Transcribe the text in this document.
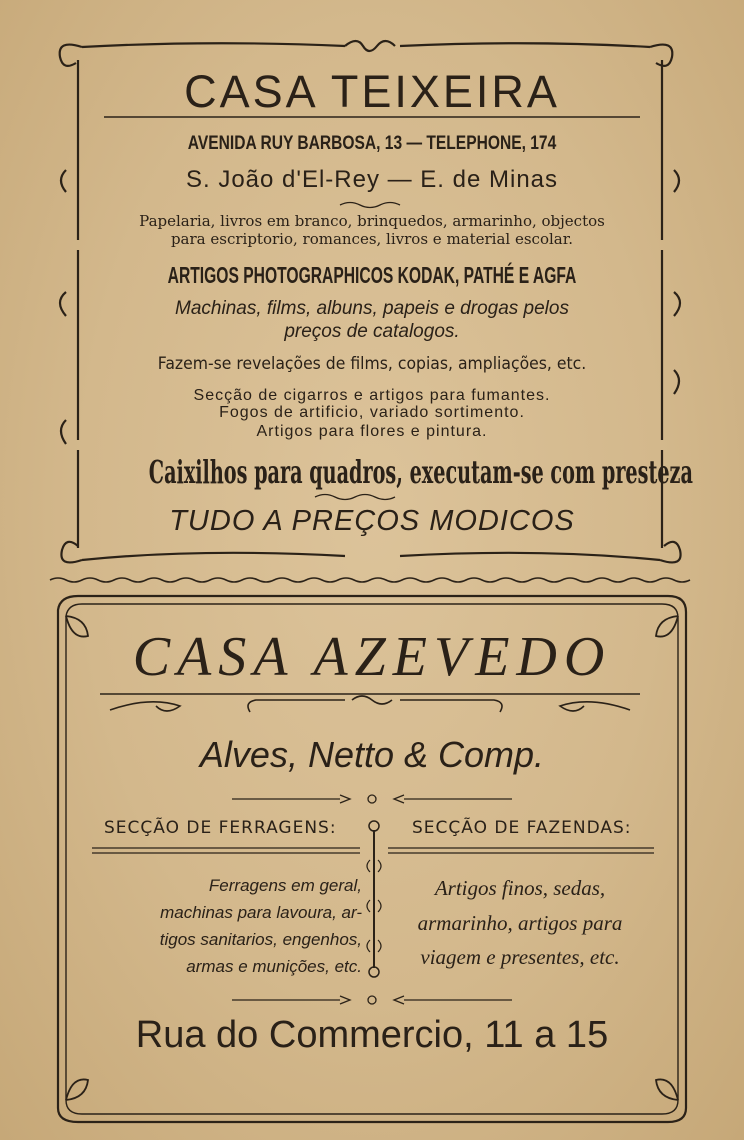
CASA TEIXEIRA
AVENIDA RUY BARBOSA, 13 — TELEPHONE, 174
S. João d'El-Rey — E. de Minas
Papelaria, livros em branco, brinquedos, armarinho, objectos
para escriptorio, romances, livros e material escolar.
ARTIGOS PHOTOGRAPHICOS KODAK, PATHÉ E AGFA
Machinas, films, albuns, papeis e drogas pelos
preços de catalogos.
Fazem-se revelações de films, copias, ampliações, etc.
Secção de cigarros e artigos para fumantes.
Fogos de artificio, variado sortimento.
Artigos para flores e pintura.
Caixilhos para quadros, executam-se com presteza
TUDO A PREÇOS MODICOS
CASA AZEVEDO
Alves, Netto & Comp.
SECÇÃO DE FERRAGENS:	SECÇÃO DE FAZENDAS:
Ferragens em geral,
machinas para lavoura, ar-
tigos sanitarios, engenhos,
armas e munições, etc.
Artigos finos, sedas,
armarinho, artigos para
viagem e presentes, etc.
Rua do Commercio, 11 a 15
